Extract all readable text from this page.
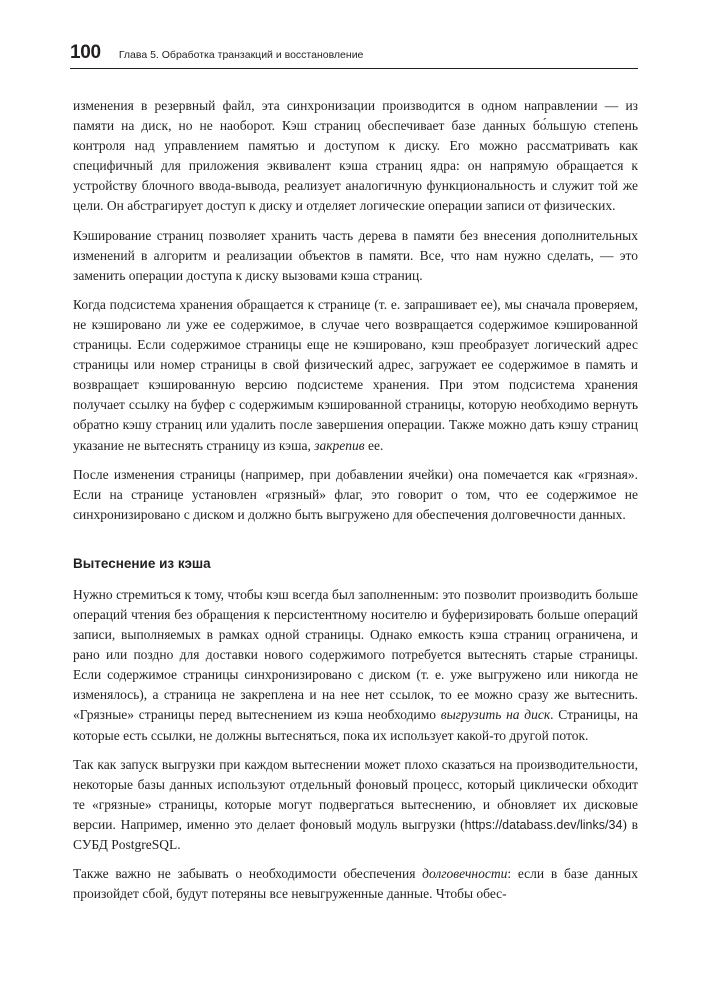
100 Глава 5. Обработка транзакций и восстановление

изменения в резервный файл, эта синхронизации производится в одном направлении — из памяти на диск, но не наоборот. Кэш страниц обеспечивает базе данных бо́льшую степень контроля над управлением памятью и доступом к диску. Его можно рассматривать как специфичный для приложения эквивалент кэша страниц ядра: он напрямую обращается к устройству блочного ввода-вывода, реализует аналогичную функциональность и служит той же цели. Он абстрагирует доступ к диску и отделяет логические операции записи от физических.

Кэширование страниц позволяет хранить часть дерева в памяти без внесения дополнительных изменений в алгоритм и реализации объектов в памяти. Все, что нам нужно сделать, — это заменить операции доступа к диску вызовами кэша страниц.

Когда подсистема хранения обращается к странице (т. е. запрашивает ее), мы сначала проверяем, не кэшировано ли уже ее содержимое, в случае чего возвращается содержимое кэшированной страницы. Если содержимое страницы еще не кэшировано, кэш преобразует логический адрес страницы или номер страницы в свой физический адрес, загружает ее содержимое в память и возвращает кэшированную версию подсистеме хранения. При этом подсистема хранения получает ссылку на буфер с содержимым кэшированной страницы, которую необходимо вернуть обратно кэшу страниц или удалить после завершения операции. Также можно дать кэшу страниц указание не вытеснять страницу из кэша, закрепив ее.

После изменения страницы (например, при добавлении ячейки) она помечается как «грязная». Если на странице установлен «грязный» флаг, это говорит о том, что ее содержимое не синхронизировано с диском и должно быть выгружено для обеспечения долговечности данных.

Вытеснение из кэша

Нужно стремиться к тому, чтобы кэш всегда был заполненным: это позволит производить больше операций чтения без обращения к персистентному носителю и буферизировать больше операций записи, выполняемых в рамках одной страницы. Однако емкость кэша страниц ограничена, и рано или поздно для доставки нового содержимого потребуется вытеснять старые страницы. Если содержимое страницы синхронизировано с диском (т. е. уже выгружено или никогда не изменялось), а страница не закреплена и на нее нет ссылок, то ее можно сразу же вытеснить. «Грязные» страницы перед вытеснением из кэша необходимо выгрузить на диск. Страницы, на которые есть ссылки, не должны вытесняться, пока их использует какой-то другой поток.

Так как запуск выгрузки при каждом вытеснении может плохо сказаться на производительности, некоторые базы данных используют отдельный фоновый процесс, который циклически обходит те «грязные» страницы, которые могут подвергаться вытеснению, и обновляет их дисковые версии. Например, именно это делает фоновый модуль выгрузки (https://databass.dev/links/34) в СУБД PostgreSQL.

Также важно не забывать о необходимости обеспечения долговечности: если в базе данных произойдет сбой, будут потеряны все невыгруженные данные. Чтобы обес-
